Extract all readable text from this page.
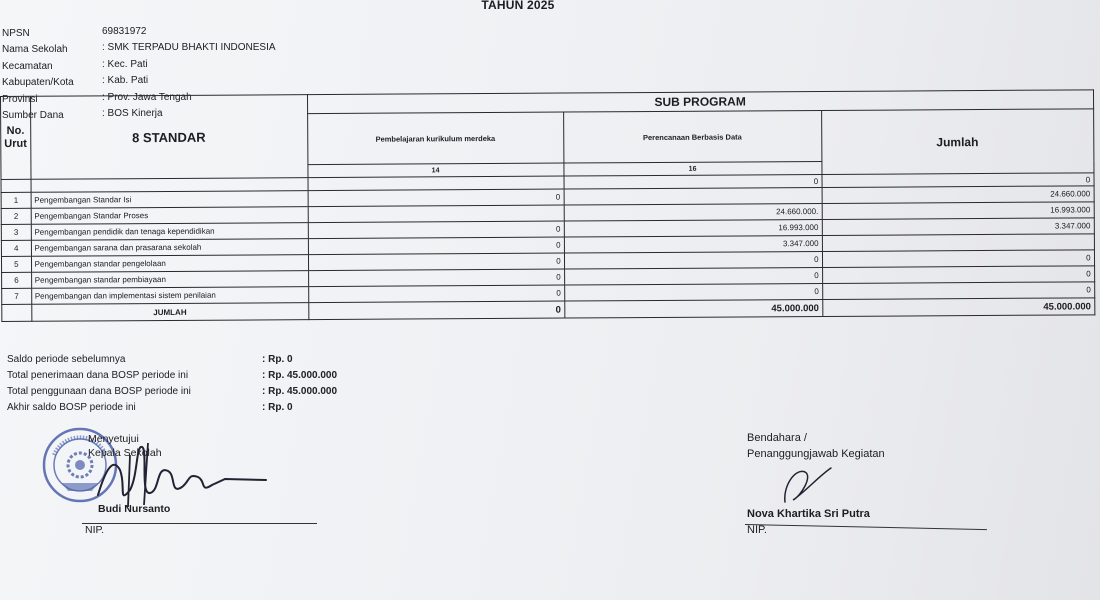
TAHUN 2025
NPSN	69831972
Nama Sekolah	: SMK TERPADU BHAKTI INDONESIA
Kecamatan	: Kec. Pati
Kabupaten/Kota	: Kab. Pati
Provinsi	: Prov. Jawa Tengah
Sumber Dana	: BOS Kinerja
No. Urut	8 STANDAR	SUB PROGRAM		
		Pembelajaran kurikulum merdeka	Perencanaan Berbasis Data	Jumlah
		14	16	
			0	0
1	Pengembangan Standar Isi	0		24.660.000
2	Pengembangan Standar Proses		24.660.000.	16.993.000
3	Pengembangan pendidik dan tenaga kependidikan	0	16.993.000	3.347.000
4	Pengembangan sarana dan prasarana sekolah	0	3.347.000	
5	Pengembangan standar pengelolaan	0	0	0
6	Pengembangan standar pembiayaan	0	0	0
7	Pengembangan dan implementasi sistem penilaian	0	0	0
	JUMLAH	0	45.000.000	45.000.000
Saldo periode sebelumnya	: Rp. 0
Total penerimaan dana BOSP periode ini	: Rp. 45.000.000
Total penggunaan dana BOSP periode ini	: Rp. 45.000.000
Akhir saldo BOSP periode ini	: Rp. 0
Menyetujui
Kepala Sekolah
Budi Nursanto
NIP.
Bendahara /
Penanggungjawab Kegiatan
Nova Khartika Sri Putra
NIP.
